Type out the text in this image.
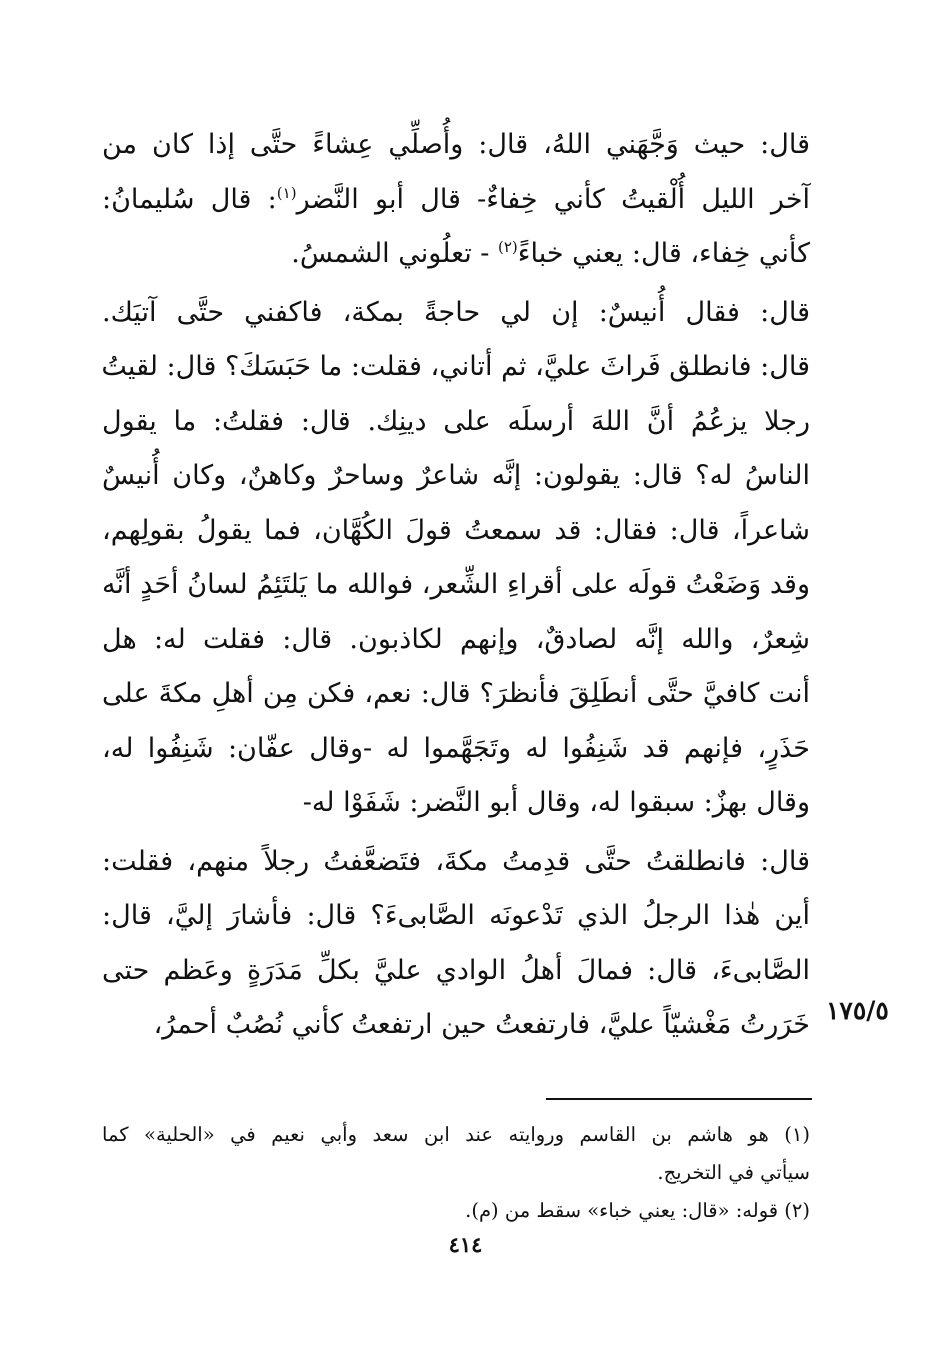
قال: حيث وَجَّهَني اللهُ، قال: وأُصلِّي عِشاءً حتَّى إذا كان من
آخر الليل أُلْقيتُ كأني خِفاءٌ- قال أبو النَّضر$^{(١)}$: قال سُليمانُ:
كأني خِفاء، قال: يعني خباءً$^{(٢)}$ - تعلُوني الشمسُ.
قال: فقال أُنيسٌ: إن لي حاجةً بمكة، فاكفني حتَّى آتيَك.
قال: فانطلق فَراثَ عليَّ، ثم أتاني، فقلت: ما حَبَسَكَ؟ قال: لقيتُ
رجلا يزعُمُ أنَّ اللهَ أرسلَه على دينِك. قال: فقلتُ: ما يقول
الناسُ له؟ قال: يقولون: إنَّه شاعرٌ وساحرٌ وكاهنٌ، وكان أُنيسٌ
شاعراً، قال: فقال: قد سمعتُ قولَ الكُهَّان، فما يقولُ بقولِهم،
وقد وَضَعْتُ قولَه على أقراءِ الشِّعر، فوالله ما يَلتَئِمُ لسانُ أحَدٍ أنَّه
شِعرٌ، والله إنَّه لصادقٌ، وإنهم لكاذبون. قال: فقلت له: هل
أنت كافيَّ حتَّى أنطَلِقَ فأنظرَ؟ قال: نعم، فكن مِن أهلِ مكةَ على
حَذَرٍ، فإنهم قد شَنِفُوا له وتَجَهَّموا له -وقال عفّان: شَنِفُوا له،
وقال بهزٌ: سبقوا له، وقال أبو النَّضر: شَفَوْا له-
قال: فانطلقتُ حتَّى قدِمتُ مكةَ، فتَضعَّفتُ رجلاً منهم، فقلت:
أين هٰذا الرجلُ الذي تَدْعونَه الصَّابىءَ؟ قال: فأشارَ إليَّ، قال:
الصَّابىءَ، قال: فمالَ أهلُ الوادي عليَّ بكلِّ مَدَرَةٍ وعَظم حتى
خَرَرتُ مَغْشيّاً عليَّ، فارتفعتُ حين ارتفعتُ كأني نُصُبٌ أحمرُ، ١٧٥/٥
(١) هو هاشم بن القاسم وروايته عند ابن سعد وأبي نعيم في «الحلية» كما
سيأتي في التخريج.
(٢) قوله: «قال: يعني خباء» سقط من (م).
٤١٤
